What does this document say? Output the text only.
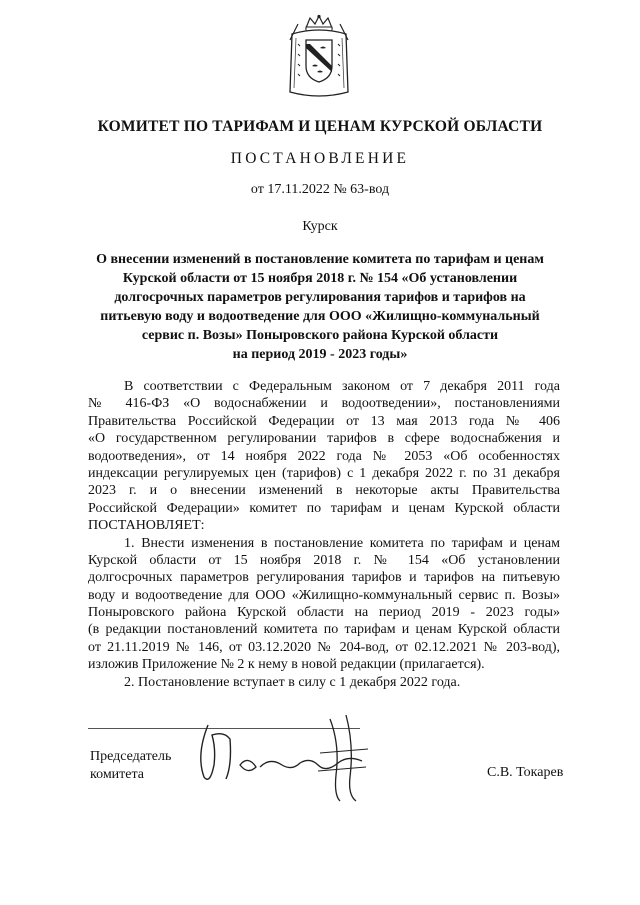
КОМИТЕТ ПО ТАРИФАМ И ЦЕНАМ КУРСКОЙ ОБЛАСТИ
ПОСТАНОВЛЕНИЕ
от 17.11.2022 № 63-вод
Курск
О внесении изменений в постановление комитета по тарифам и ценам
Курской области от 15 ноября 2018 г. № 154 «Об установлении
долгосрочных параметров регулирования тарифов и тарифов на
питьевую воду и водоотведение для ООО «Жилищно-коммунальный
сервис п. Возы» Поныровского района Курской области
на период 2019 - 2023 годы»
В соответствии с Федеральным законом от 7 декабря 2011 года
№ 416-ФЗ «О водоснабжении и водоотведении», постановлениями
Правительства Российской Федерации от 13 мая 2013 года № 406
«О государственном регулировании тарифов в сфере водоснабжения и
водоотведения», от 14 ноября 2022 года № 2053 «Об особенностях
индексации регулируемых цен (тарифов) с 1 декабря 2022 г. по 31 декабря
2023 г. и о внесении изменений в некоторые акты Правительства
Российской Федерации» комитет по тарифам и ценам Курской области
ПОСТАНОВЛЯЕТ:
1. Внести изменения в постановление комитета по тарифам и ценам
Курской области от 15 ноября 2018 г. № 154 «Об установлении
долгосрочных параметров регулирования тарифов и тарифов на питьевую
воду и водоотведение для ООО «Жилищно-коммунальный сервис п. Возы»
Поныровского района Курской области на период 2019 - 2023 годы»
(в редакции постановлений комитета по тарифам и ценам Курской области
от 21.11.2019 № 146, от 03.12.2020 № 204-вод, от 02.12.2021 № 203-вод),
изложив Приложение № 2 к нему в новой редакции (прилагается).
2. Постановление вступает в силу с 1 декабря 2022 года.
Председатель
комитета	С.В. Токарев
